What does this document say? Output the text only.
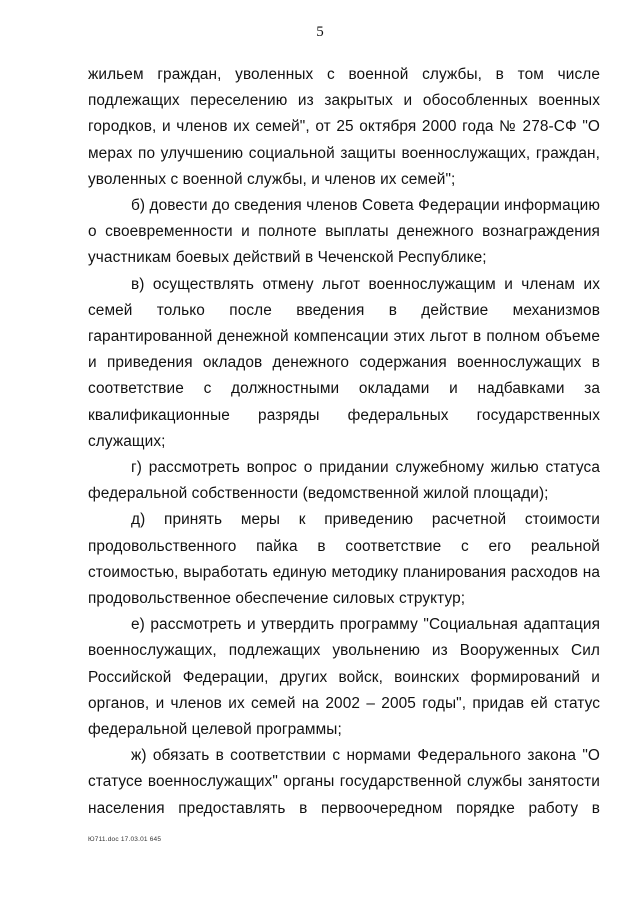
5

жильем граждан, уволенных с военной службы, в том числе подлежащих переселению из закрытых и обособленных военных городков, и членов их семей", от 25 октября 2000 года № 278-СФ "О мерах по улучшению социальной защиты военнослужащих, граждан, уволенных с военной службы, и членов их семей";

б) довести до сведения членов Совета Федерации информацию о своевременности и полноте выплаты денежного вознаграждения участникам боевых действий в Чеченской Республике;

в) осуществлять отмену льгот военнослужащим и членам их семей только после введения в действие механизмов гарантированной денежной компенсации этих льгот в полном объеме и приведения окладов денежного содержания военнослужащих в соответствие с должностными окладами и надбавками за квалификационные разряды федеральных государственных служащих;

г) рассмотреть вопрос о придании служебному жилью статуса федеральной собственности (ведомственной жилой площади);

д) принять меры к приведению расчетной стоимости продовольственного пайка в соответствие с его реальной стоимостью, выработать единую методику планирования расходов на продовольственное обеспечение силовых структур;

е) рассмотреть и утвердить программу "Социальная адаптация военнослужащих, подлежащих увольнению из Вооруженных Сил Российской Федерации, других войск, воинских формирований и органов, и членов их семей на 2002 – 2005 годы", придав ей статус федеральной целевой программы;

ж) обязать в соответствии с нормами Федерального закона "О статусе военнослужащих" органы государственной службы занятости населения предоставлять в первоочередном порядке работу в

Ю711.doc 17.03.01 645
